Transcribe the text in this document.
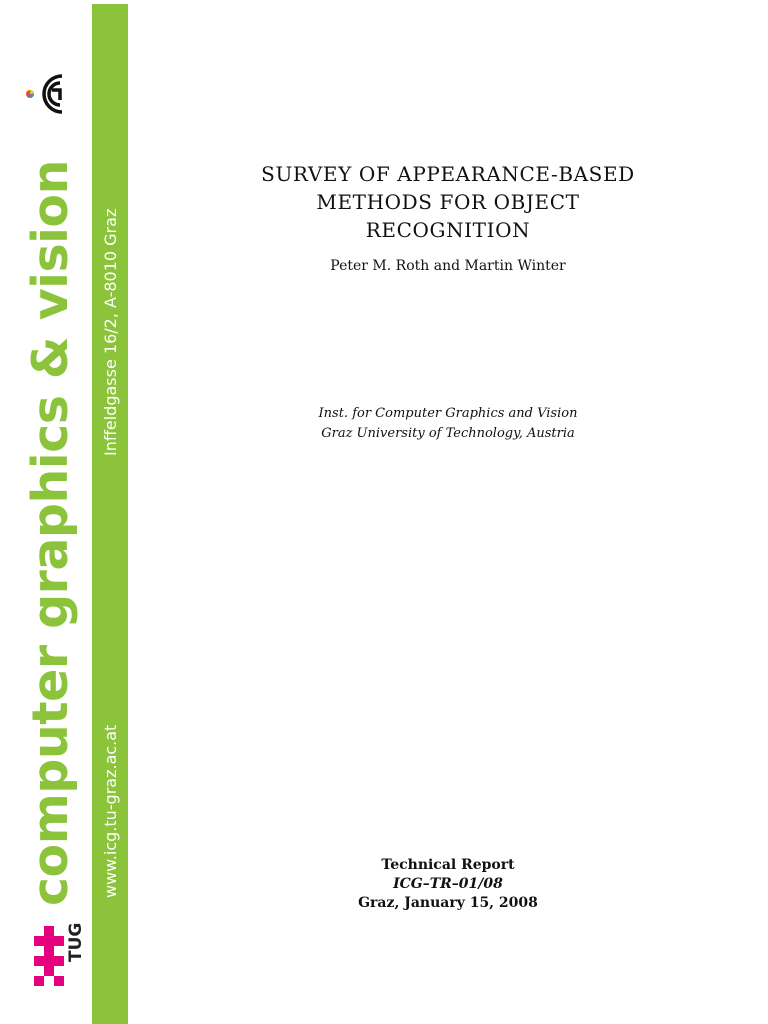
computer graphics & vision
TUG
Inffeldgasse 16/2, A-8010 Graz
www.icg.tu-graz.ac.at
SURVEY OF APPEARANCE-BASED
METHODS FOR OBJECT
RECOGNITION
Peter M. Roth and Martin Winter
Inst. for Computer Graphics and Vision
Graz University of Technology, Austria
Technical Report
ICG–TR–01/08
Graz, January 15, 2008
